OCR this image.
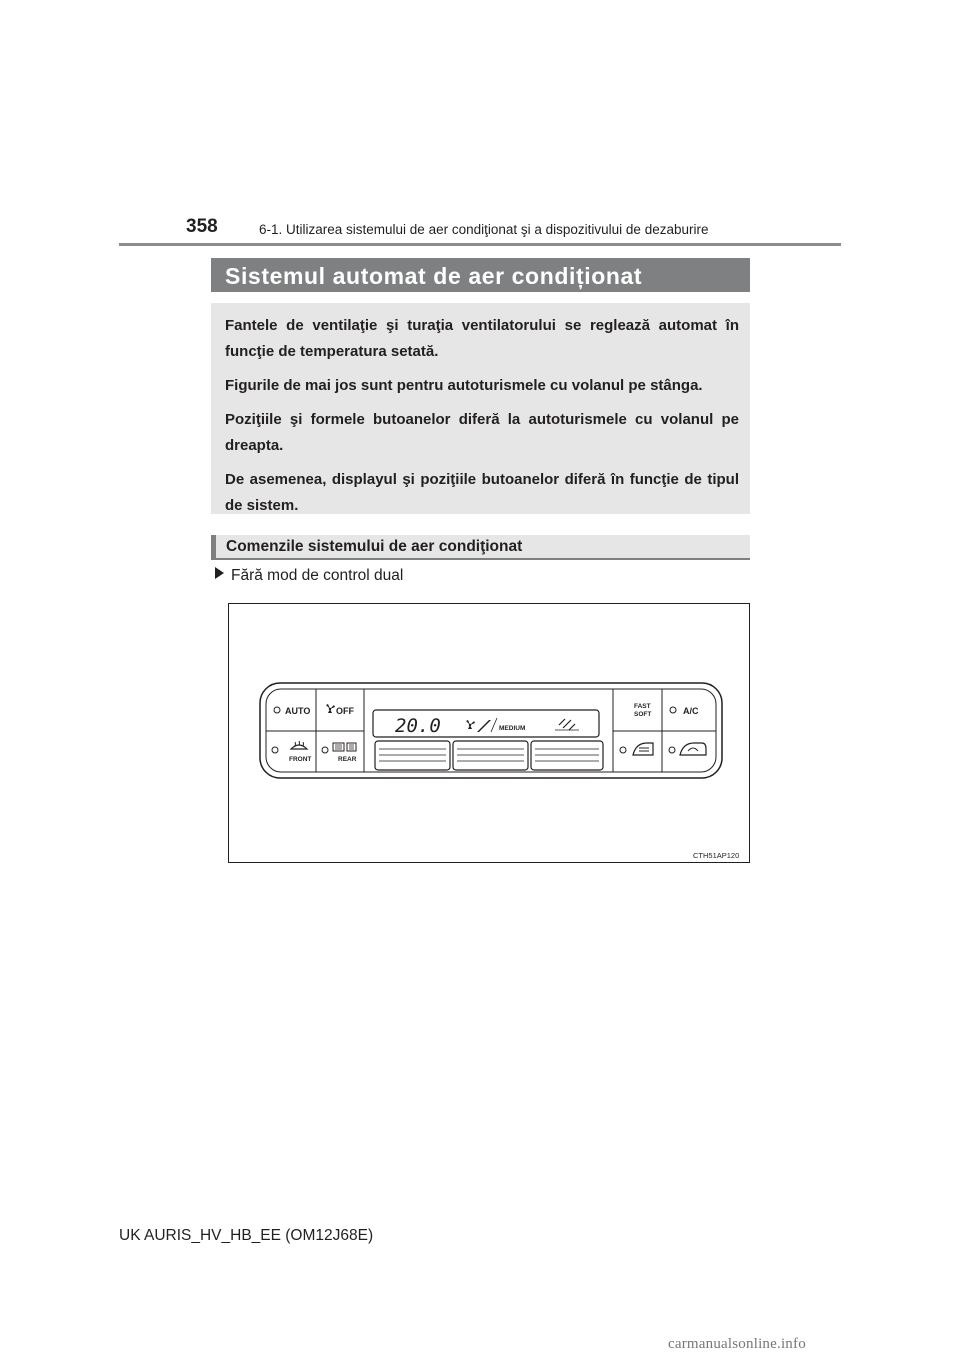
358	6-1. Utilizarea sistemului de aer condiţionat şi a dispozitivului de dezaburire
Sistemul automat de aer condiționat

Fantele de ventilaţie şi turaţia ventilatorului se reglează automat în funcţie de temperatura setată.

Figurile de mai jos sunt pentru autoturismele cu volanul pe stânga.

Poziţiile şi formele butoanelor diferă la autoturismele cu volanul pe dreapta.

De asemenea, displayul şi poziţiile butoanelor diferă în funcţie de tipul de sistem.

Comenzile sistemului de aer condiţionat
Fără mod de control dual
AUTO	OFF
FRONT	REAR
20.0	MEDIUM
FAST
SOFT	A/C
CTH51AP120
UK AURIS_HV_HB_EE (OM12J68E)
carmanualsonline.info
